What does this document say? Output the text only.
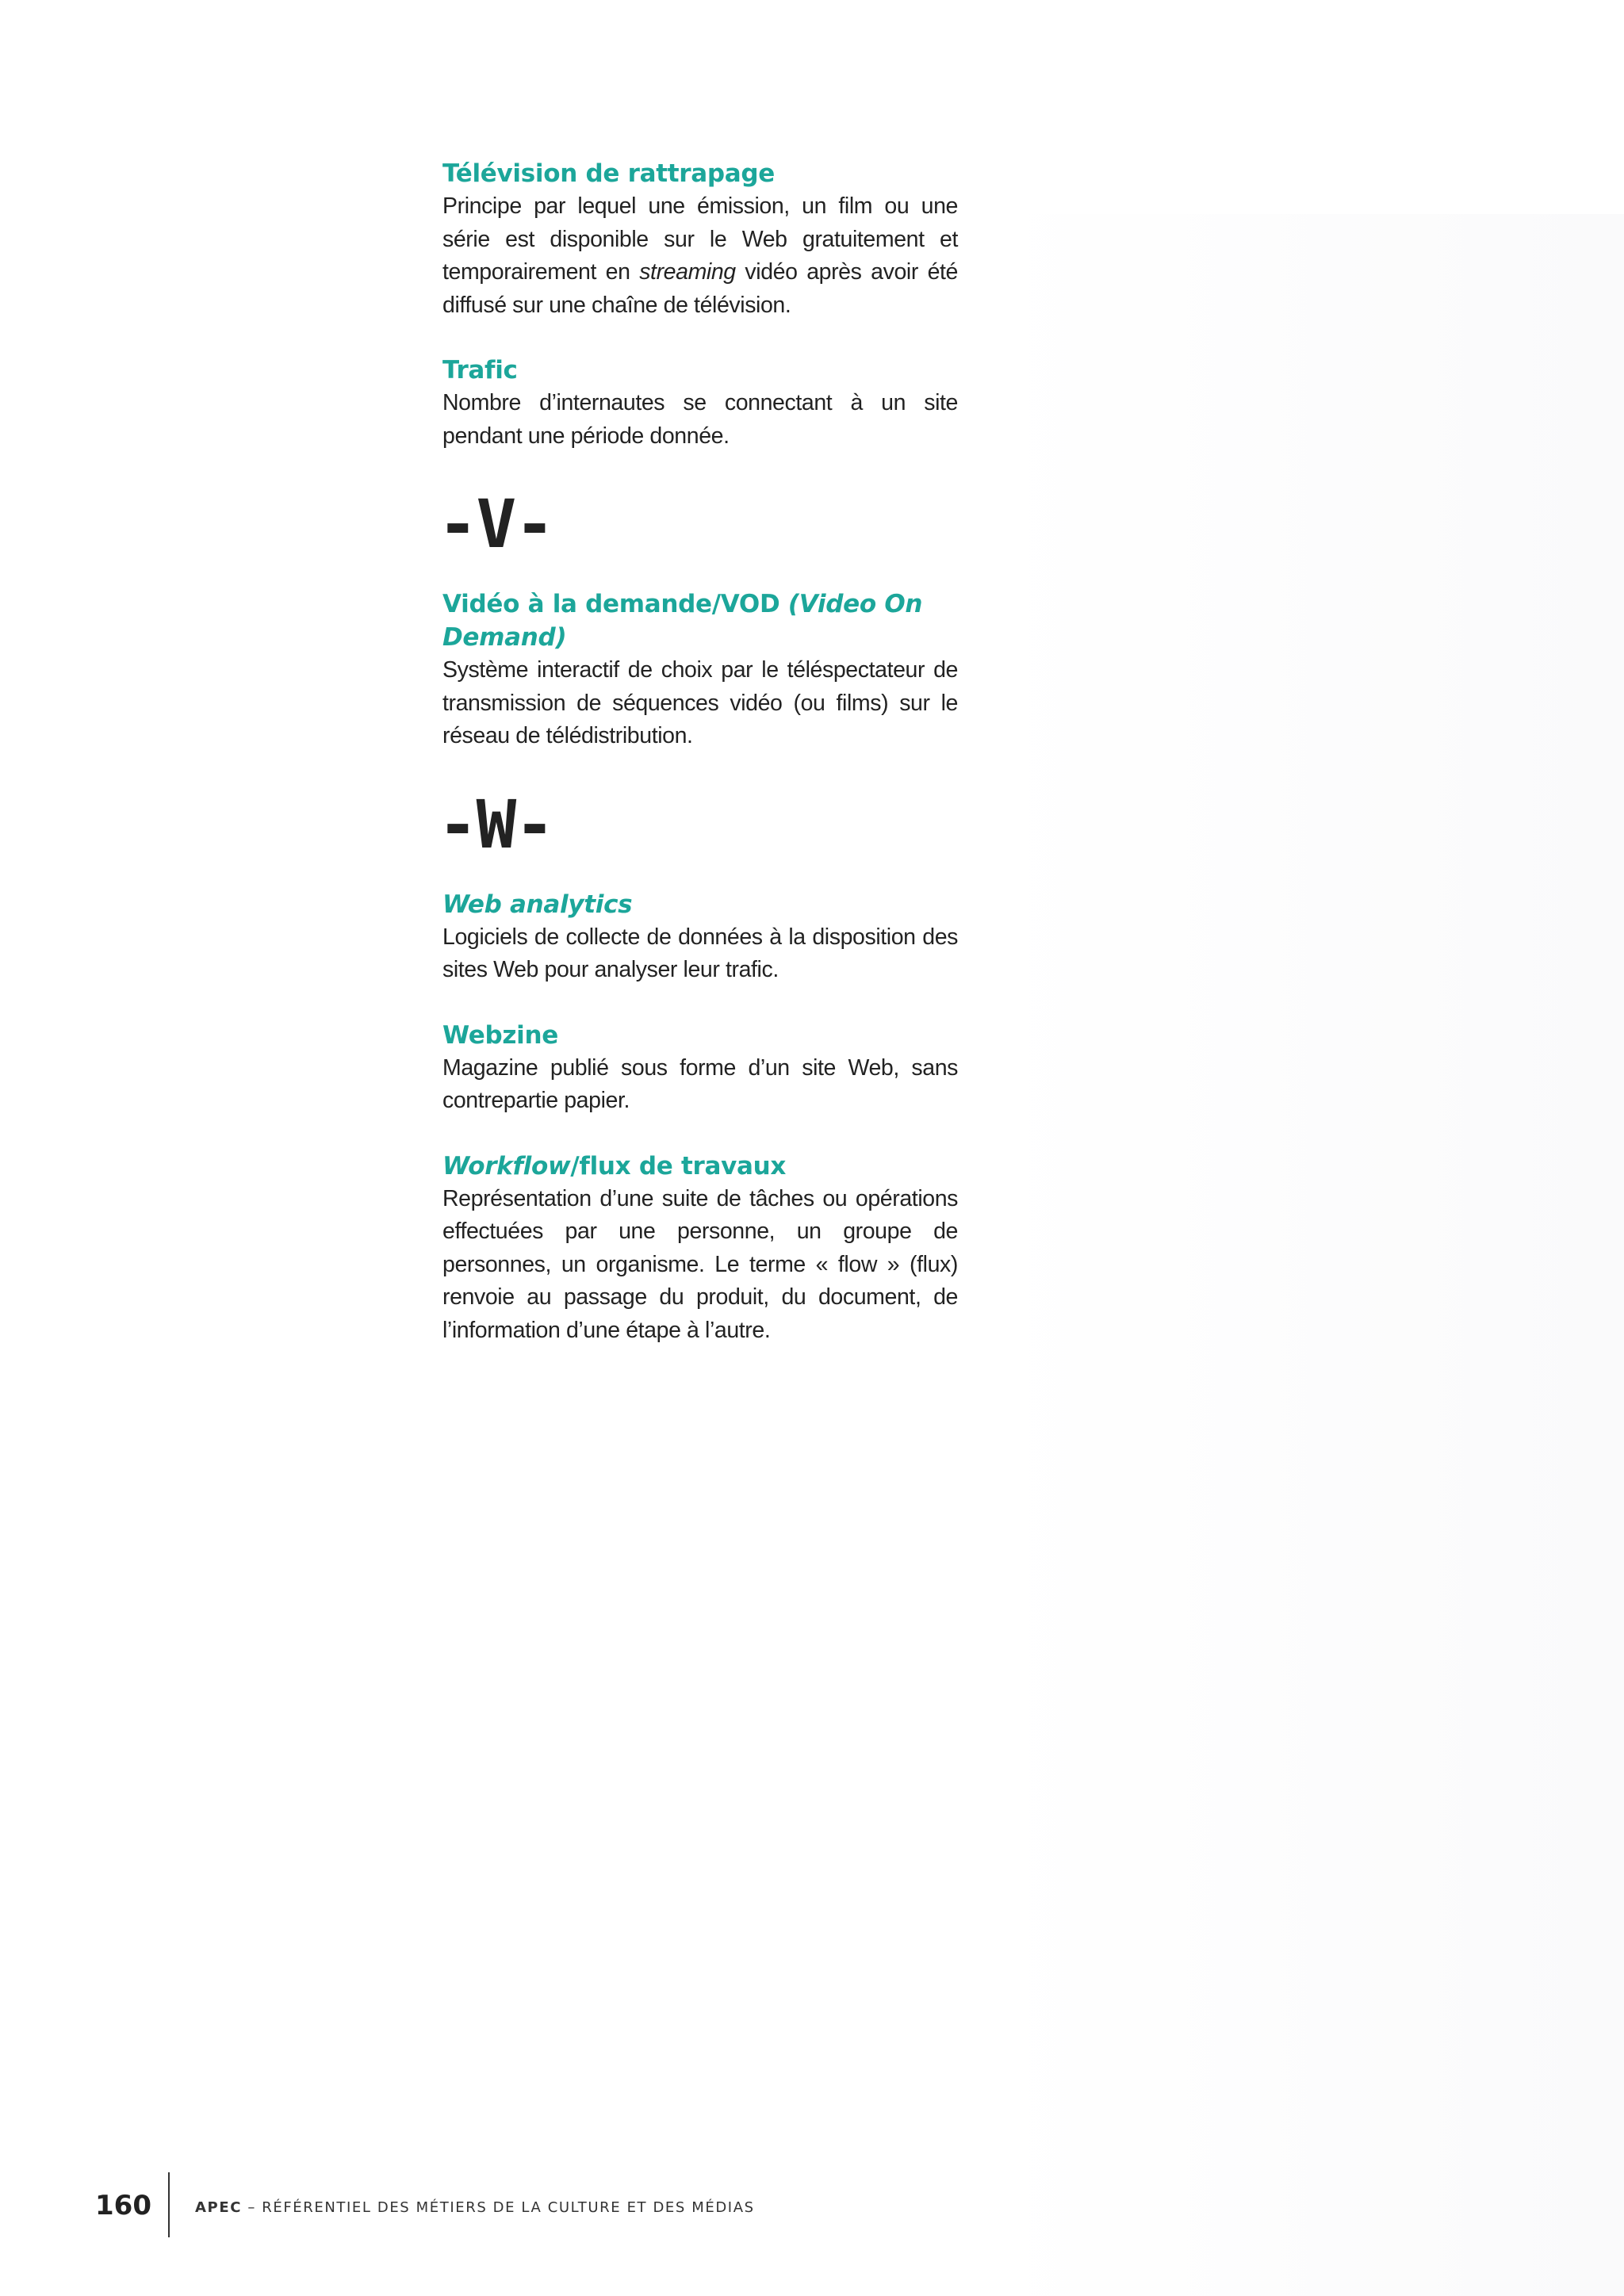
Télévision de rattrapage

Principe par lequel une émission, un film ou une série est disponible sur le Web gratuitement et temporairement en streaming vidéo après avoir été diffusé sur une chaîne de télévision.

Trafic

Nombre d’internautes se connectant à un site pendant une période donnée.

-V-

Vidéo à la demande/VOD (Video On Demand)

Système interactif de choix par le téléspectateur de transmission de séquences vidéo (ou films) sur le réseau de télédistribution.

-W-

Web analytics

Logiciels de collecte de données à la disposition des sites Web pour analyser leur trafic.

Webzine

Magazine publié sous forme d’un site Web, sans contrepartie papier.

Workflow/flux de travaux

Représentation d’une suite de tâches ou opérations effectuées par une personne, un groupe de personnes, un organisme. Le terme « flow » (flux) renvoie au passage du produit, du document, de l’information d’une étape à l’autre.

160	APEC – RÉFÉRENTIEL DES MÉTIERS DE LA CULTURE ET DES MÉDIAS
